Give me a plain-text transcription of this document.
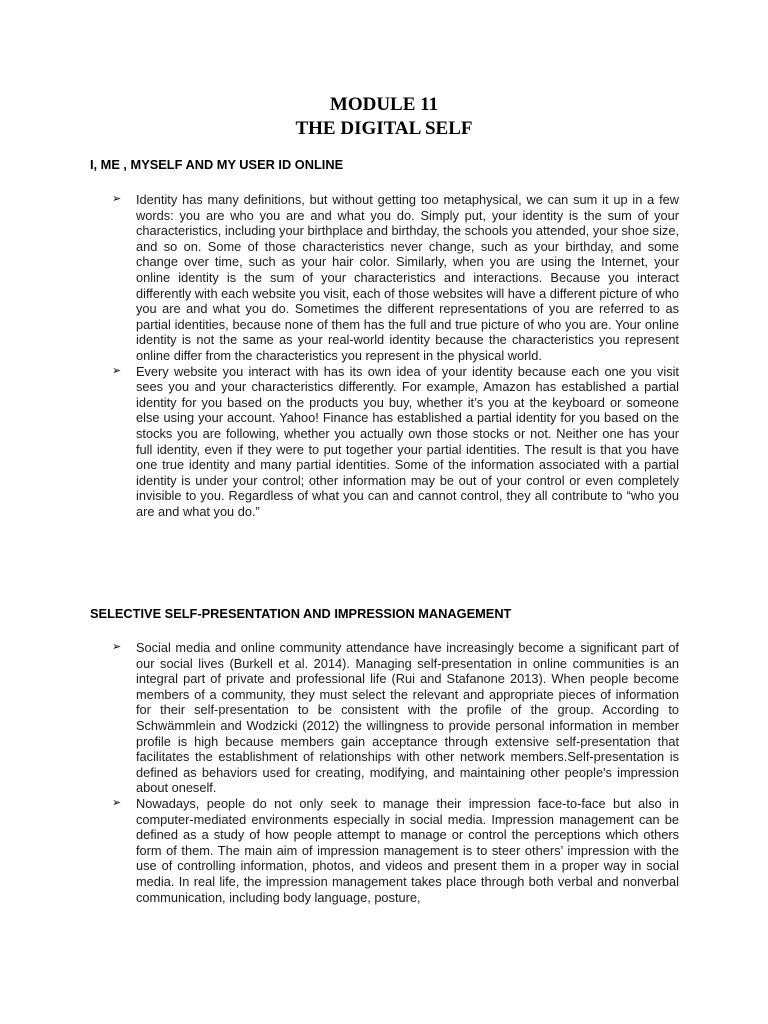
MODULE 11
THE DIGITAL SELF
I, ME , MYSELF AND MY USER ID ONLINE
➢	Identity has many definitions, but without getting too metaphysical, we can sum it up in a few words: you are who you are and what you do. Simply put, your identity is the sum of your characteristics, including your birthplace and birthday, the schools you attended, your shoe size, and so on. Some of those characteristics never change, such as your birthday, and some change over time, such as your hair color. Similarly, when you are using the Internet, your online identity is the sum of your characteristics and interactions. Because you interact differently with each website you visit, each of those websites will have a different picture of who you are and what you do. Sometimes the different representations of you are referred to as partial identities, because none of them has the full and true picture of who you are. Your online identity is not the same as your real-world identity because the characteristics you represent online differ from the characteristics you represent in the physical world.
➢	Every website you interact with has its own idea of your identity because each one you visit sees you and your characteristics differently. For example, Amazon has established a partial identity for you based on the products you buy, whether it’s you at the keyboard or someone else using your account. Yahoo! Finance has established a partial identity for you based on the stocks you are following, whether you actually own those stocks or not. Neither one has your full identity, even if they were to put together your partial identities. The result is that you have one true identity and many partial identities. Some of the information associated with a partial identity is under your control; other information may be out of your control or even completely invisible to you. Regardless of what you can and cannot control, they all contribute to “who you are and what you do.”
SELECTIVE SELF-PRESENTATION AND IMPRESSION MANAGEMENT
➢	Social media and online community attendance have increasingly become a significant part of our social lives (Burkell et al. 2014). Managing self-presentation in online communities is an integral part of private and professional life (Rui and Stafanone 2013). When people become members of a community, they must select the relevant and appropriate pieces of information for their self-presentation to be consistent with the profile of the group. According to Schwämmlein and Wodzicki (2012) the willingness to provide personal information in member profile is high because members gain acceptance through extensive self-presentation that facilitates the establishment of relationships with other network members.Self-presentation is defined as behaviors used for creating, modifying, and maintaining other people's impression about oneself.
➢	Nowadays, people do not only seek to manage their impression face-to-face but also in computer-mediated environments especially in social media. Impression management can be defined as a study of how people attempt to manage or control the perceptions which others form of them. The main aim of impression management is to steer others’ impression with the use of controlling information, photos, and videos and present them in a proper way in social media. In real life, the impression management takes place through both verbal and nonverbal communication, including body language, posture,
